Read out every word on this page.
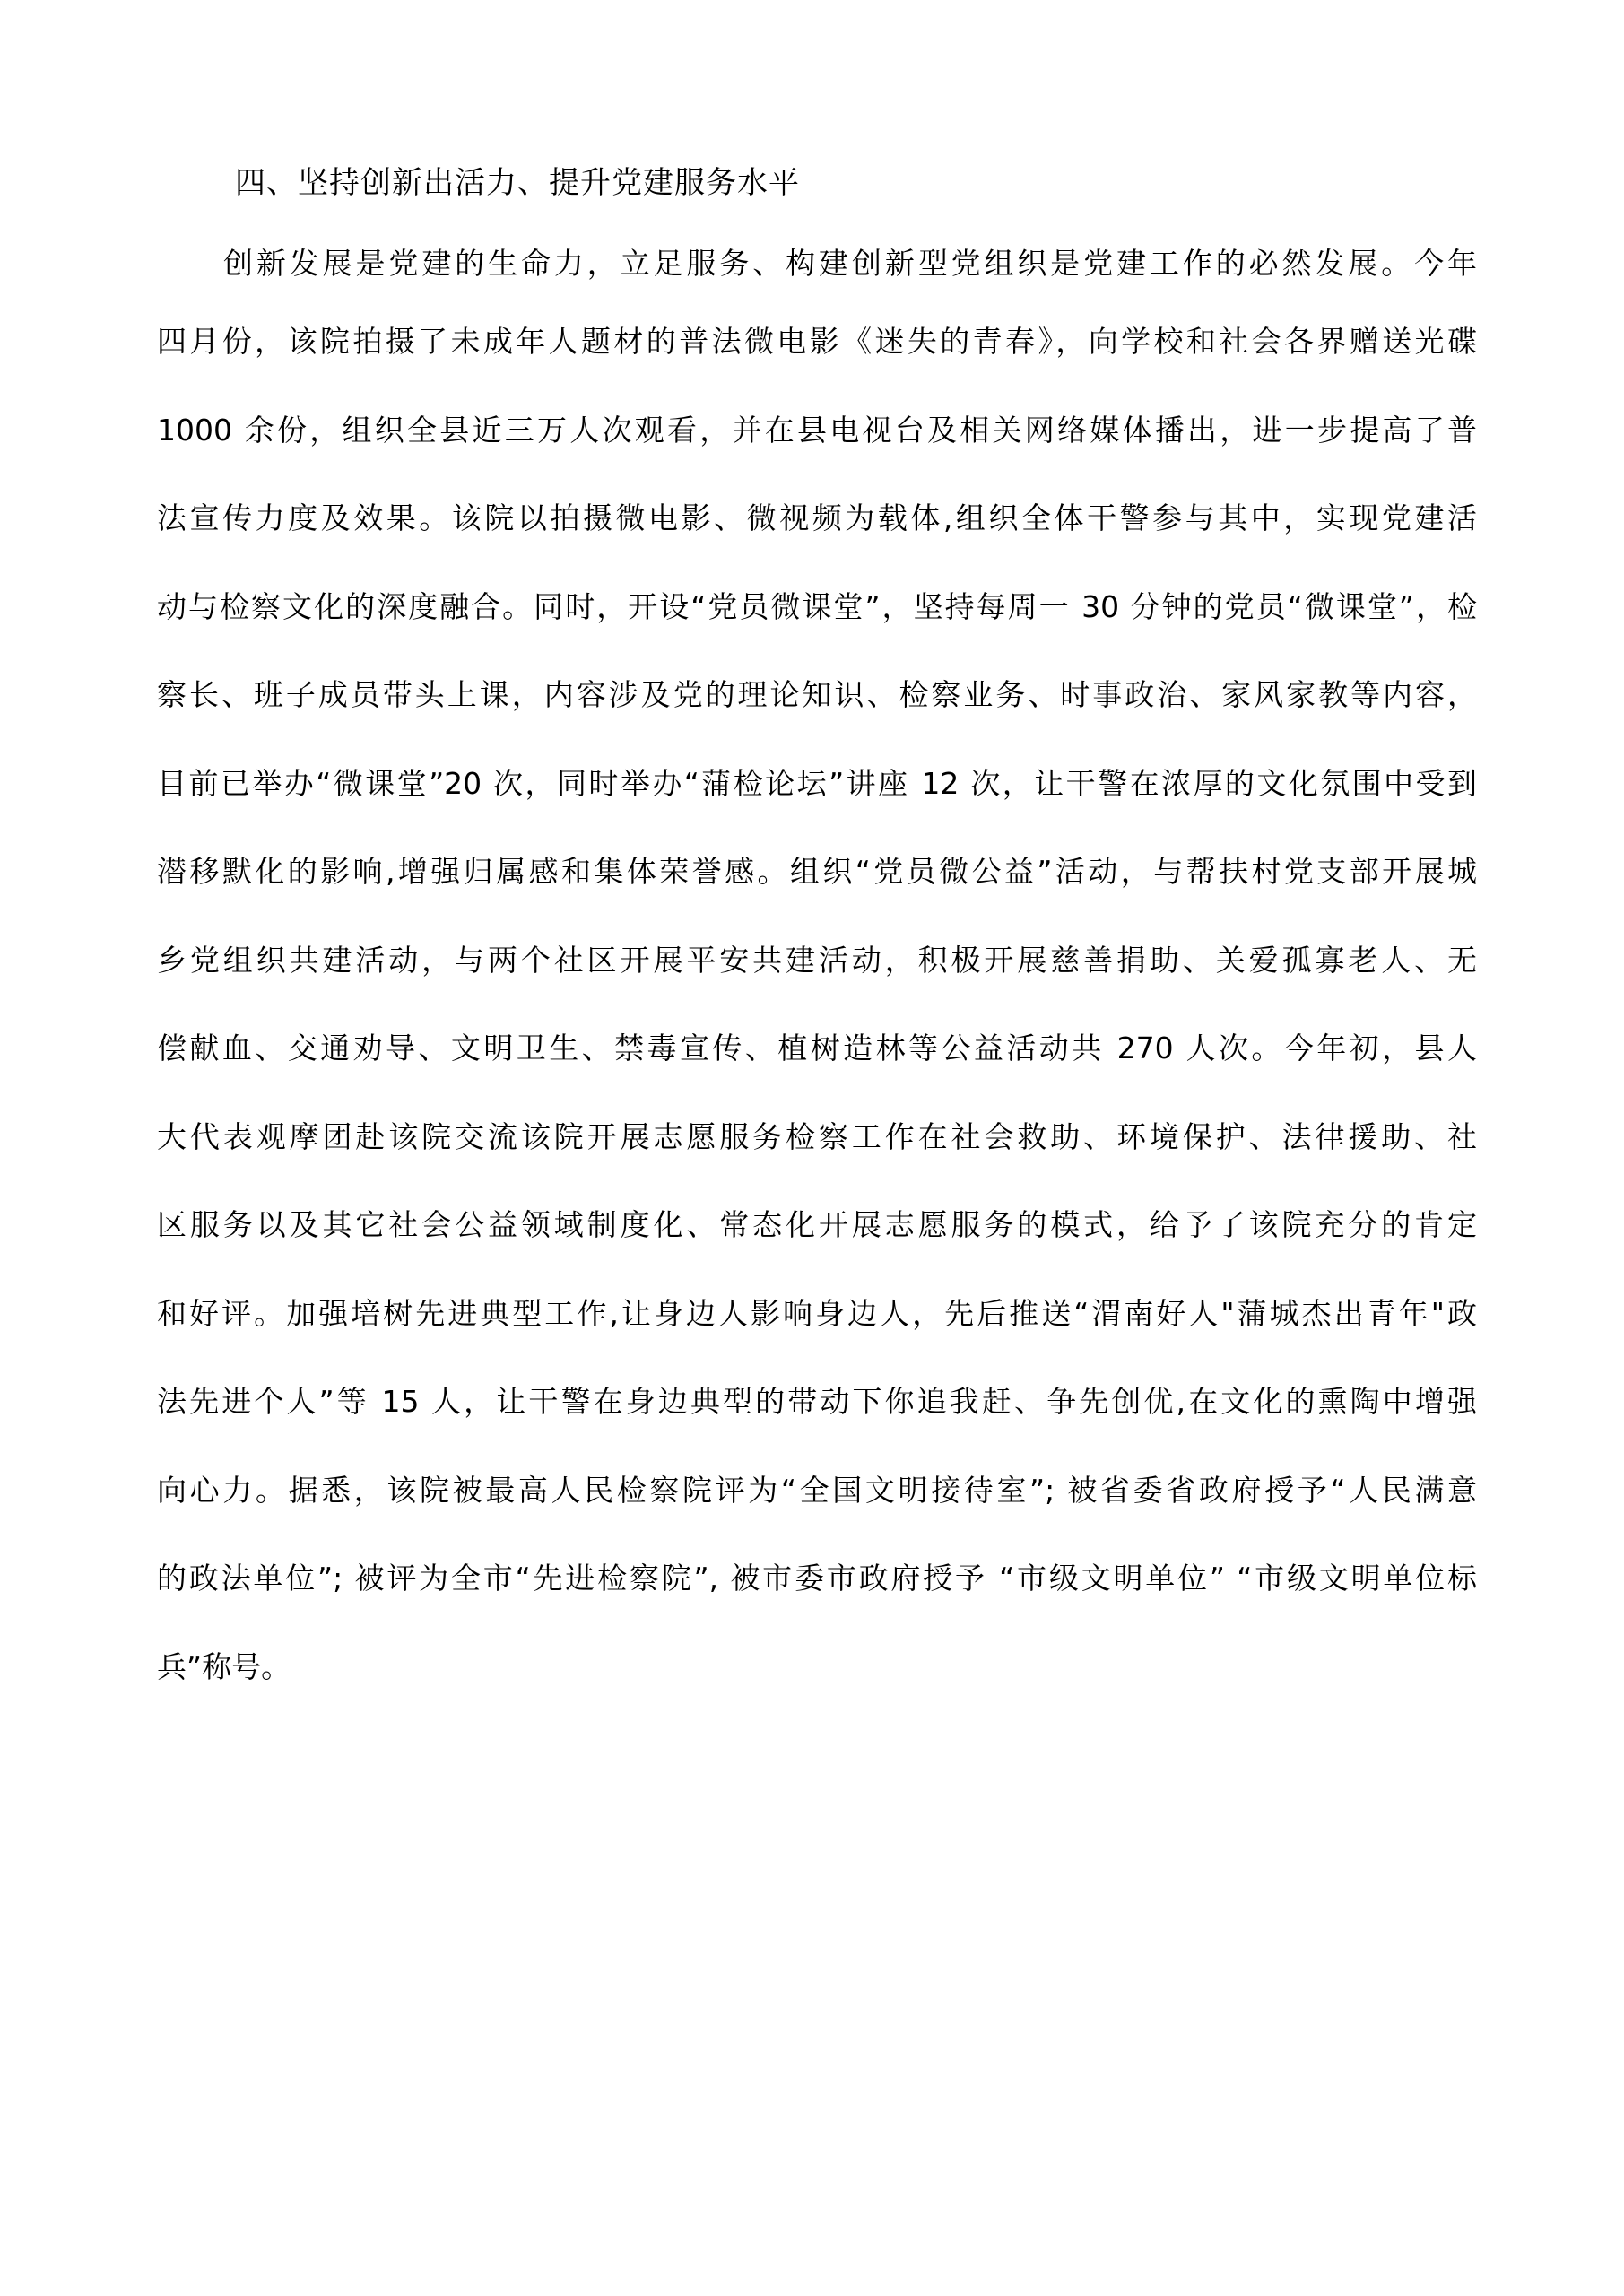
四、坚持创新出活力、提升党建服务水平
创新发展是党建的生命力，立足服务、构建创新型党组织是党建工作的必然发展。今年
四月份，该院拍摄了未成年人题材的普法微电影《迷失的青春》，向学校和社会各界赠送光碟
1000 余份，组织全县近三万人次观看，并在县电视台及相关网络媒体播出，进一步提高了普
法宣传力度及效果。该院以拍摄微电影、微视频为载体,组织全体干警参与其中，实现党建活
动与检察文化的深度融合。同时，开设“党员微课堂”，坚持每周一 30 分钟的党员“微课堂”，检
察长、班子成员带头上课，内容涉及党的理论知识、检察业务、时事政治、家风家教等内容，
目前已举办“微课堂”20 次，同时举办“蒲检论坛”讲座 12 次，让干警在浓厚的文化氛围中受到
潜移默化的影响,增强归属感和集体荣誉感。组织“党员微公益”活动，与帮扶村党支部开展城
乡党组织共建活动，与两个社区开展平安共建活动，积极开展慈善捐助、关爱孤寡老人、无
偿献血、交通劝导、文明卫生、禁毒宣传、植树造林等公益活动共 270 人次。今年初，县人
大代表观摩团赴该院交流该院开展志愿服务检察工作在社会救助、环境保护、法律援助、社
区服务以及其它社会公益领域制度化、常态化开展志愿服务的模式，给予了该院充分的肯定
和好评。加强培树先进典型工作,让身边人影响身边人，先后推送“渭南好人"蒲城杰出青年"政
法先进个人”等 15 人，让干警在身边典型的带动下你追我赶、争先创优,在文化的熏陶中增强
向心力。据悉，该院被最高人民检察院评为“全国文明接待室”; 被省委省政府授予“人民满意
的政法单位”; 被评为全市“先进检察院”, 被市委市政府授予 “市级文明单位” “市级文明单位标
兵”称号。
